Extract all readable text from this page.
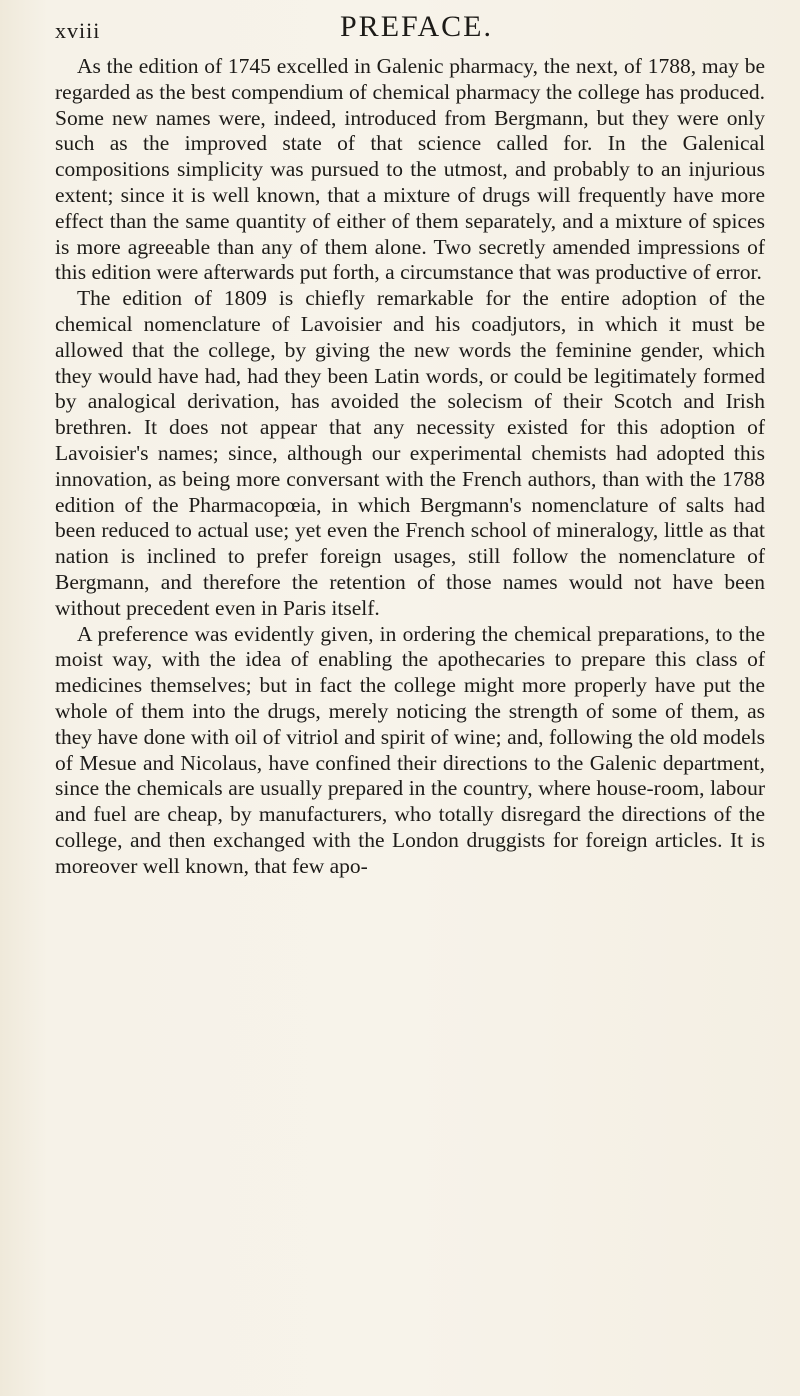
xviii	PREFACE.

As the edition of 1745 excelled in Galenic pharmacy, the next, of 1788, may be regarded as the best compendium of chemical pharmacy the college has produced. Some new names were, indeed, introduced from Bergmann, but they were only such as the improved state of that science called for. In the Galenical compositions simplicity was pursued to the utmost, and probably to an injurious extent; since it is well known, that a mixture of drugs will frequently have more effect than the same quantity of either of them separately, and a mixture of spices is more agreeable than any of them alone. Two secretly amended impressions of this edition were afterwards put forth, a circumstance that was productive of error.

The edition of 1809 is chiefly remarkable for the entire adoption of the chemical nomenclature of Lavoisier and his coadjutors, in which it must be allowed that the college, by giving the new words the feminine gender, which they would have had, had they been Latin words, or could be legitimately formed by analogical derivation, has avoided the solecism of their Scotch and Irish brethren. It does not appear that any necessity existed for this adoption of Lavoisier's names; since, although our experimental chemists had adopted this innovation, as being more conversant with the French authors, than with the 1788 edition of the Pharmacopœia, in which Bergmann's nomenclature of salts had been reduced to actual use; yet even the French school of mineralogy, little as that nation is inclined to prefer foreign usages, still follow the nomenclature of Bergmann, and therefore the retention of those names would not have been without precedent even in Paris itself.

A preference was evidently given, in ordering the chemical preparations, to the moist way, with the idea of enabling the apothecaries to prepare this class of medicines themselves; but in fact the college might more properly have put the whole of them into the drugs, merely noticing the strength of some of them, as they have done with oil of vitriol and spirit of wine; and, following the old models of Mesue and Nicolaus, have confined their directions to the Galenic department, since the chemicals are usually prepared in the country, where house-room, labour and fuel are cheap, by manufacturers, who totally disregard the directions of the college, and then exchanged with the London druggists for foreign articles. It is moreover well known, that few apo-
